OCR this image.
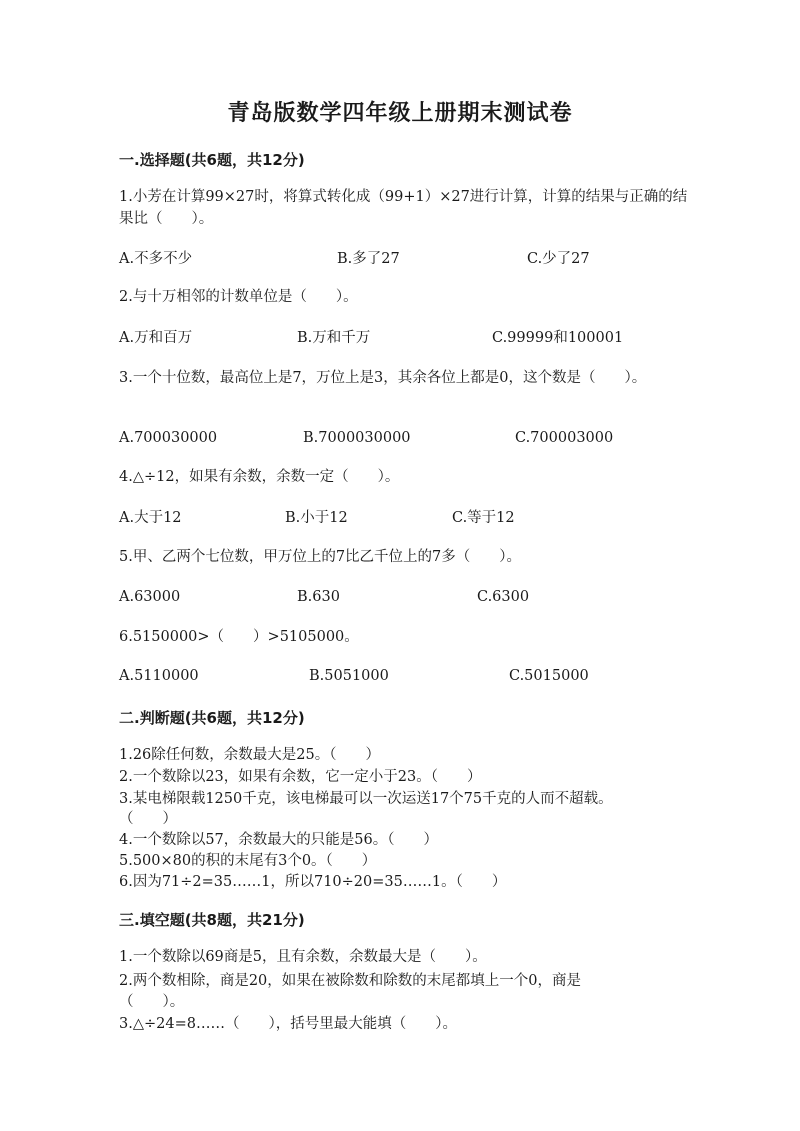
青岛版数学四年级上册期末测试卷
一.选择题(共6题，共12分)
1.小芳在计算99×27时，将算式转化成（99+1）×27进行计算，计算的结果与正确的结果比（　　）。
A.不多不少	B.多了27	C.少了27
2.与十万相邻的计数单位是（　　）。
A.万和百万	B.万和千万	C.99999和100001
3.一个十位数，最高位上是7，万位上是3，其余各位上都是0，这个数是（　　）。
A.700030000	B.7000030000	C.700003000
4.△÷12，如果有余数，余数一定（　　）。
A.大于12	B.小于12	C.等于12
5.甲、乙两个七位数，甲万位上的7比乙千位上的7多（　　）。
A.63000	B.630	C.6300
6.5150000>（　　）>5105000。
A.5110000	B.5051000	C.5015000
二.判断题(共6题，共12分)
1.26除任何数，余数最大是25。（　　）
2.一个数除以23，如果有余数，它一定小于23。（　　）
3.某电梯限载1250千克，该电梯最可以一次运送17个75千克的人而不超载。
（　　）
4.一个数除以57，余数最大的只能是56。（　　）
5.500×80的积的末尾有3个0。（　　）
6.因为71÷2=35……1，所以710÷20=35……1。（　　）
三.填空题(共8题，共21分)
1.一个数除以69商是5，且有余数，余数最大是（　　）。
2.两个数相除，商是20，如果在被除数和除数的末尾都填上一个0，商是
（　　）。
3.△÷24=8……（　　），括号里最大能填（　　）。
